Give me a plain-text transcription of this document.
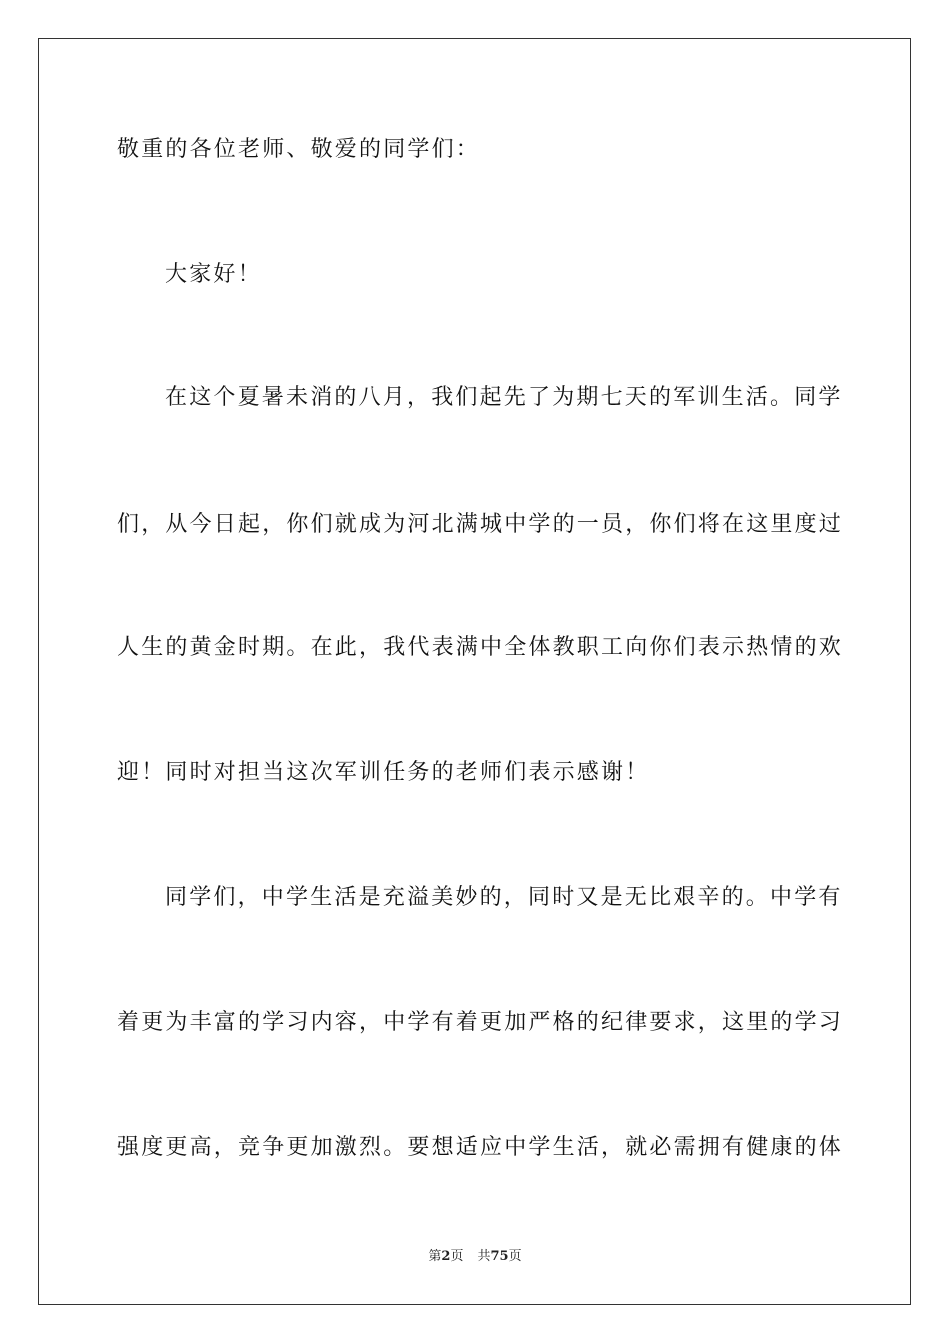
敬重的各位老师、敬爱的同学们：
大家好！
在这个夏暑未消的八月，我们起先了为期七天的军训生活。同学
们，从今日起，你们就成为河北满城中学的一员，你们将在这里度过
人生的黄金时期。在此，我代表满中全体教职工向你们表示热情的欢
迎！同时对担当这次军训任务的老师们表示感谢！
同学们，中学生活是充溢美妙的，同时又是无比艰辛的。中学有
着更为丰富的学习内容，中学有着更加严格的纪律要求，这里的学习
强度更高，竞争更加激烈。要想适应中学生活，就必需拥有健康的体
第2页 共75页
